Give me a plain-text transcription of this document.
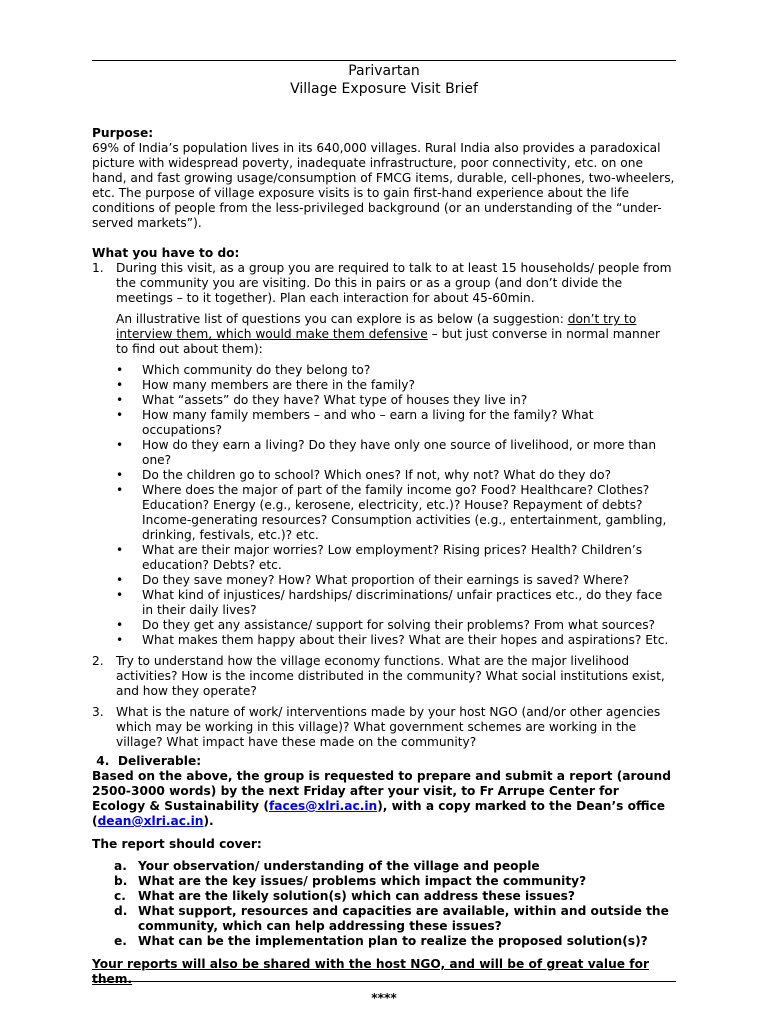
Parivartan
Village Exposure Visit Brief

Purpose:

69% of India’s population lives in its 640,000 villages. Rural India also provides a paradoxical picture with widespread poverty, inadequate infrastructure, poor connectivity, etc. on one hand, and fast growing usage/consumption of FMCG items, durable, cell-phones, two-wheelers, etc. The purpose of village exposure visits is to gain first-hand experience about the life conditions of people from the less-privileged background (or an understanding of the “under-served markets”).

What you have to do:

1. During this visit, as a group you are required to talk to at least 15 households/ people from the community you are visiting. Do this in pairs or as a group (and don’t divide the meetings – to it together). Plan each interaction for about 45-60min.

An illustrative list of questions you can explore is as below (a suggestion: don’t try to interview them, which would make them defensive – but just converse in normal manner to find out about them):

• Which community do they belong to?
• How many members are there in the family?
• What “assets” do they have? What type of houses they live in?
• How many family members – and who – earn a living for the family? What occupations?
• How do they earn a living? Do they have only one source of livelihood, or more than one?
• Do the children go to school? Which ones? If not, why not? What do they do?
• Where does the major of part of the family income go? Food? Healthcare? Clothes? Education? Energy (e.g., kerosene, electricity, etc.)? House? Repayment of debts? Income-generating resources? Consumption activities (e.g., entertainment, gambling, drinking, festivals, etc.)? etc.
• What are their major worries? Low employment? Rising prices? Health? Children’s education? Debts? etc.
• Do they save money? How? What proportion of their earnings is saved? Where?
• What kind of injustices/ hardships/ discriminations/ unfair practices etc., do they face in their daily lives?
• Do they get any assistance/ support for solving their problems? From what sources?
• What makes them happy about their lives? What are their hopes and aspirations? Etc.
2. Try to understand how the village economy functions. What are the major livelihood activities? How is the income distributed in the community? What social institutions exist, and how they operate?

3. What is the nature of work/ interventions made by your host NGO (and/or other agencies which may be working in this village)? What government schemes are working in the village? What impact have these made on the community?

4. Deliverable:

Based on the above, the group is requested to prepare and submit a report (around 2500-3000 words) by the next Friday after your visit, to Fr Arrupe Center for Ecology & Sustainability (faces@xlri.ac.in), with a copy marked to the Dean’s office (dean@xlri.ac.in).

The report should cover:

a. Your observation/ understanding of the village and people
b. What are the key issues/ problems which impact the community?
c. What are the likely solution(s) which can address these issues?
d. What support, resources and capacities are available, within and outside the community, which can help addressing these issues?
e. What can be the implementation plan to realize the proposed solution(s)?

Your reports will also be shared with the host NGO, and will be of great value for them.

****
